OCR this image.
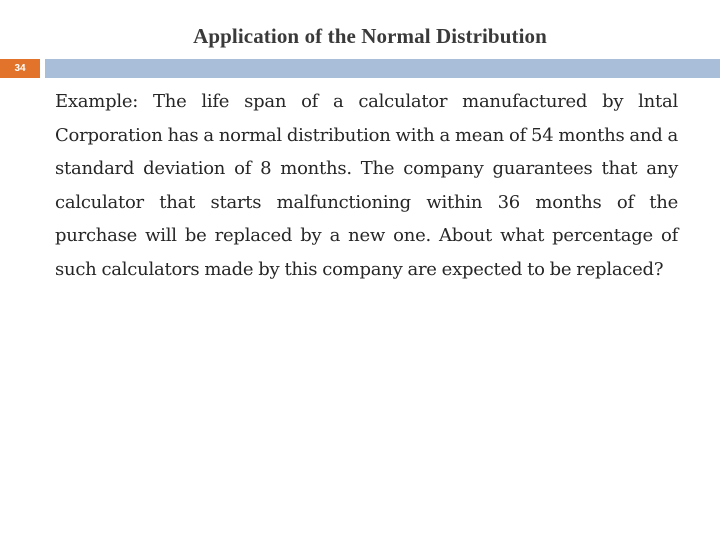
Application of the Normal Distribution
34
Example: The life span of a calculator manufactured by lntal Corporation has a normal distribution with a mean of 54 months and a standard deviation of 8 months. The company guarantees that any calculator that starts malfunctioning within 36 months of the purchase will be replaced by a new one. About what percentage of such calculators made by this company are expected to be replaced?
